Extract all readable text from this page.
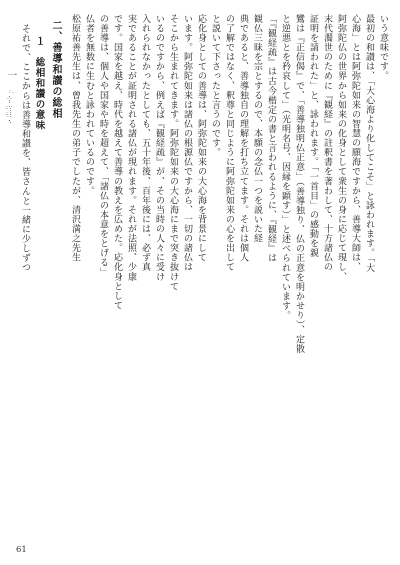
いう意味です。
最初の和讃は、「大心海より化してこそ」と詠われます。「大
心海」とは阿弥陀如来の智慧の願海ですから、善導大師は、
阿弥陀仏の世界から如来の化身として衆生の身に応じて現し、
末代濁世のために『観経』の註釈書を著わして、十方諸仏の
証明を請われた」と、詠われます。「一首目」の感動を親
鸞は『正信偈』で、「善導独明仏正意」（善導独り、仏の正意を明かせり）、定散
と逆悪とを矜哀して」（光明名号、因縁を顕す）」と述べられています。
「『観経疏』は古今楷定の書と言われるように、『観経』は
観仏三昧を宗とするので、本願の念仏一つを説いた経
典であると、善導独自の理解を打ち立てます。それは個人
の了解ではなく、釈尊と同じように阿弥陀如来の心を出して
と説いて下さったと言うのです。
応化身としての善導は、阿弥陀如来の大心海を背景にして
います。阿弥陀如来は諸仏の根源仏ですから、一切の諸仏は
そこから生まれてきます。阿弥陀如来の大心海にまで突き抜けて
いるのですから、例えば『観経疏』が、その当時の人々に受け
入れられなかったとしても、五十年後、百年後には、必ず真
実であることが証明される諸仏が現れます。それが法照、少康
です。国家を越え、時代を越えて善導の教えを広めた。応化身として
の善導は、個人や国家や時を超えて、「諸仏の本意をとげる」
仏者を無数に生むと詠われているのです。
松原祐善先生は、曾我先生の弟子でしたが、清沢満之先生
二、善導和讃の総相
１　総相和讃の意味
それで、ここからは善導和讃を、皆さんと一緒に少しずつ
一
61
